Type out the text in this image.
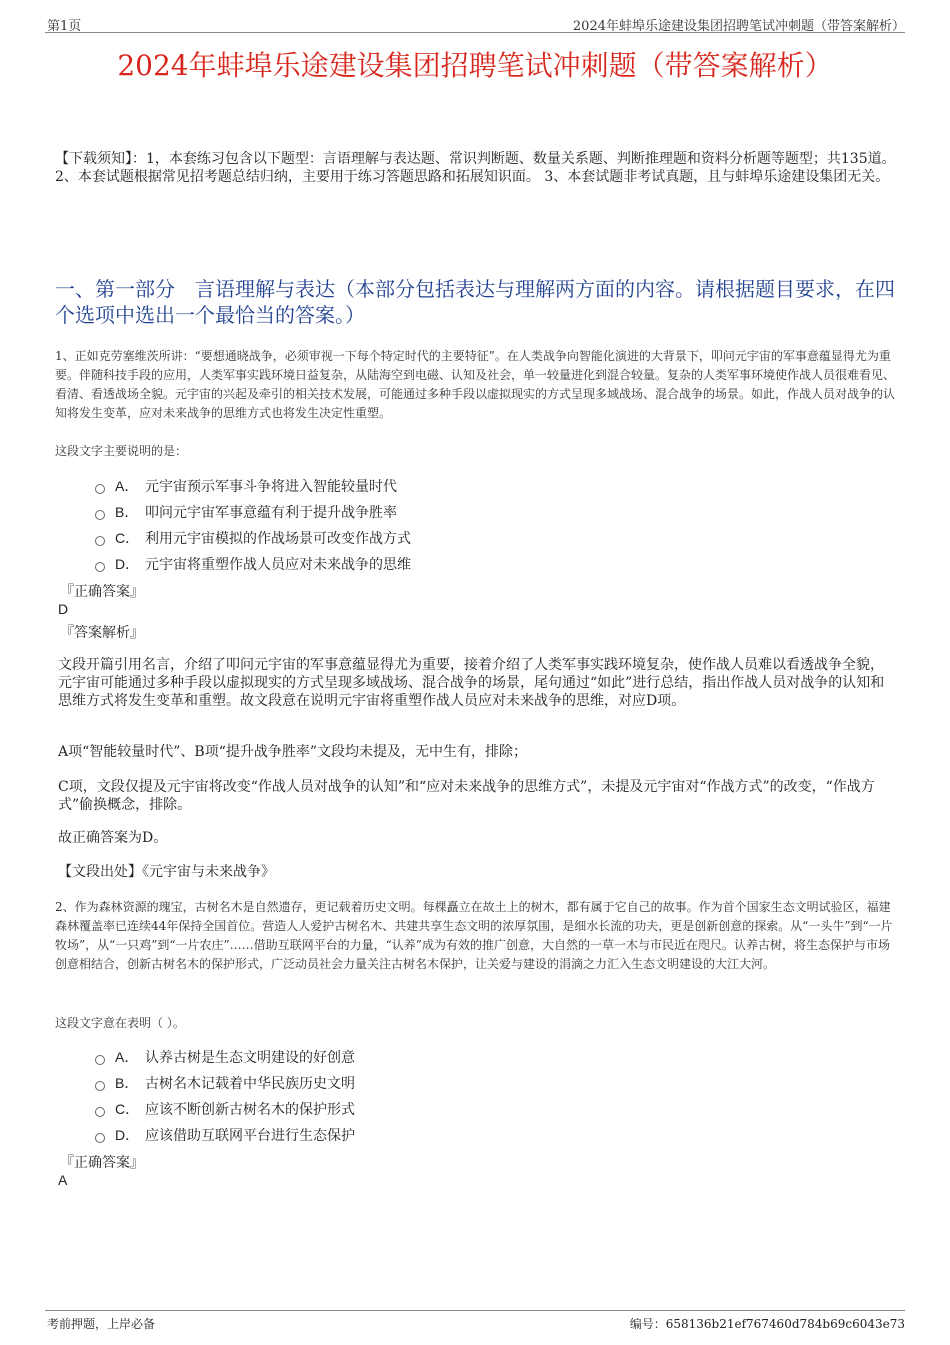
第1页	2024年蚌埠乐途建设集团招聘笔试冲刺题（带答案解析）
2024年蚌埠乐途建设集团招聘笔试冲刺题（带答案解析）
【下载须知】：1，本套练习包含以下题型：言语理解与表达题、常识判断题、数量关系题、判断推理题和资料分析题等题型；共135道。 2、本套试题根据常见招考题总结归纳，主要用于练习答题思路和拓展知识面。 3、本套试题非考试真题，且与蚌埠乐途建设集团无关。
一、第一部分　言语理解与表达（本部分包括表达与理解两方面的内容。请根据题目要求，在四个选项中选出一个最恰当的答案。）
1、正如克劳塞维茨所讲：“要想通晓战争，必须审视一下每个特定时代的主要特征”。在人类战争向智能化演进的大背景下，叩问元宇宙的军事意蕴显得尤为重要。伴随科技手段的应用，人类军事实践环境日益复杂，从陆海空到电磁、认知及社会，单一较量进化到混合较量。复杂的人类军事环境使作战人员很难看见、看清、看透战场全貌。元宇宙的兴起及牵引的相关技术发展，可能通过多种手段以虚拟现实的方式呈现多域战场、混合战争的场景。如此，作战人员对战争的认知将发生变革，应对未来战争的思维方式也将发生决定性重塑。
这段文字主要说明的是：
A． 元宇宙预示军事斗争将进入智能较量时代
B． 叩问元宇宙军事意蕴有利于提升战争胜率
C． 利用元宇宙模拟的作战场景可改变作战方式
D． 元宇宙将重塑作战人员应对未来战争的思维
『正确答案』
D
『答案解析』
文段开篇引用名言，介绍了叩问元宇宙的军事意蕴显得尤为重要，接着介绍了人类军事实践环境复杂，使作战人员难以看透战争全貌，元宇宙可能通过多种手段以虚拟现实的方式呈现多域战场、混合战争的场景，尾句通过“如此”进行总结，指出作战人员对战争的认知和思维方式将发生变革和重塑。故文段意在说明元宇宙将重塑作战人员应对未来战争的思维，对应D项。
A项“智能较量时代”、B项“提升战争胜率”文段均未提及，无中生有，排除；
C项，文段仅提及元宇宙将改变“作战人员对战争的认知”和“应对未来战争的思维方式”，未提及元宇宙对“作战方式”的改变，“作战方式”偷换概念，排除。
故正确答案为D。
【文段出处】《元宇宙与未来战争》
2、作为森林资源的瑰宝，古树名木是自然遗存，更记载着历史文明。每棵矗立在故土上的树木，都有属于它自己的故事。作为首个国家生态文明试验区，福建森林覆盖率已连续44年保持全国首位。营造人人爱护古树名木、共建共享生态文明的浓厚氛围，是细水长流的功夫，更是创新创意的探索。从“一头牛”到“一片牧场”，从“一只鸡”到“一片农庄”……借助互联网平台的力量，“认养”成为有效的推广创意，大自然的一草一木与市民近在咫尺。认养古树，将生态保护与市场创意相结合，创新古树名木的保护形式，广泛动员社会力量关注古树名木保护，让关爱与建设的涓滴之力汇入生态文明建设的大江大河。
这段文字意在表明（ ）。
A． 认养古树是生态文明建设的好创意
B． 古树名木记载着中华民族历史文明
C． 应该不断创新古树名木的保护形式
D． 应该借助互联网平台进行生态保护
『正确答案』
A
考前押题，上岸必备	编号：658136b21ef767460d784b69c6043e73
